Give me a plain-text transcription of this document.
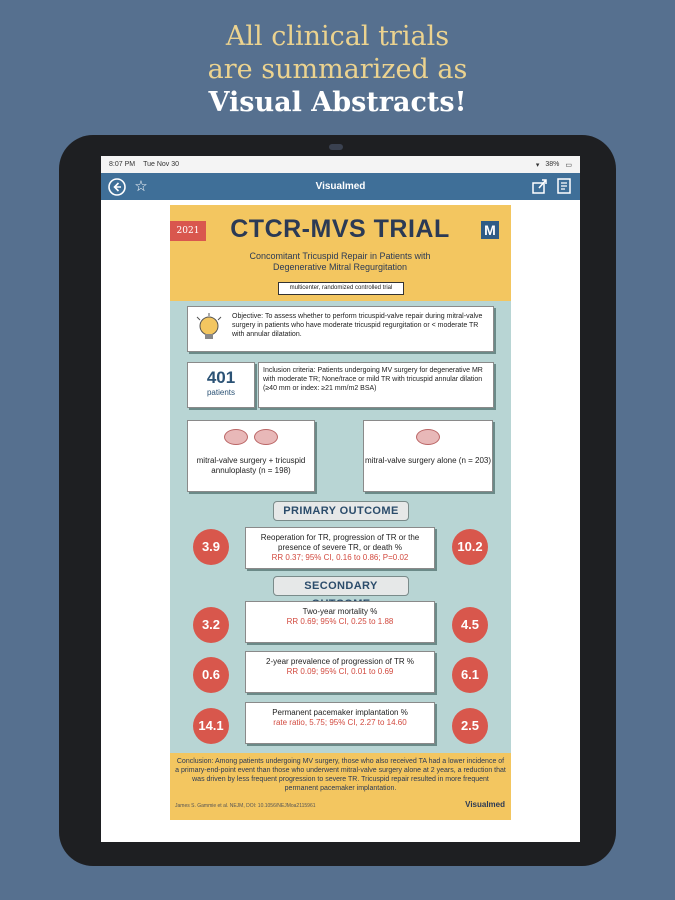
All clinical trials
are summarized as
Visual Abstracts!
8:07 PM Tue Nov 30	▾ 38% ▭
☆	Visualmed
2021	CTCR-MVS TRIAL	M
Concomitant Tricuspid Repair in Patients with
Degenerative Mitral Regurgitation
multicenter, randomized controlled trial
Objective: To assess whether to perform tricuspid-valve repair during mitral-valve surgery in patients who have moderate tricuspid regurgitation or < moderate TR with annular dilatation.
401
patients
Inclusion criteria: Patients undergoing MV surgery for degenerative MR with moderate TR; None/trace or mild TR with tricuspid annular dilation (≥40 mm or index: ≥21 mm/m2 BSA)
mitral-valve surgery + tricuspid annuloplasty (n = 198)
mitral-valve surgery alone (n = 203)
PRIMARY OUTCOME
3.9
Reoperation for TR, progression of TR or the presence of severe TR, or death %
RR 0.37; 95% CI, 0.16 to 0.86; P=0.02
10.2
SECONDARY
3.2
Two-year mortality %
RR 0.69; 95% CI, 0.25 to 1.88	4.5
0.6
2-year prevalence of progression of TR %
RR 0.09; 95% CI, 0.01 to 0.69	6.1
14.1
Permanent pacemaker implantation %
rate ratio, 5.75; 95% CI, 2.27 to 14.60	2.5
Conclusion: Among patients undergoing MV surgery, those who also received TA had a lower incidence of a primary-end-point event than those who underwent mitral-valve surgery alone at 2 years, a reduction that was driven by less frequent progression to severe TR. Tricuspid repair resulted in more frequent permanent pacemaker implantation.
James S. Gammie et al. NEJM, DOI: 10.1056/NEJMoa2115961	Visualmed
